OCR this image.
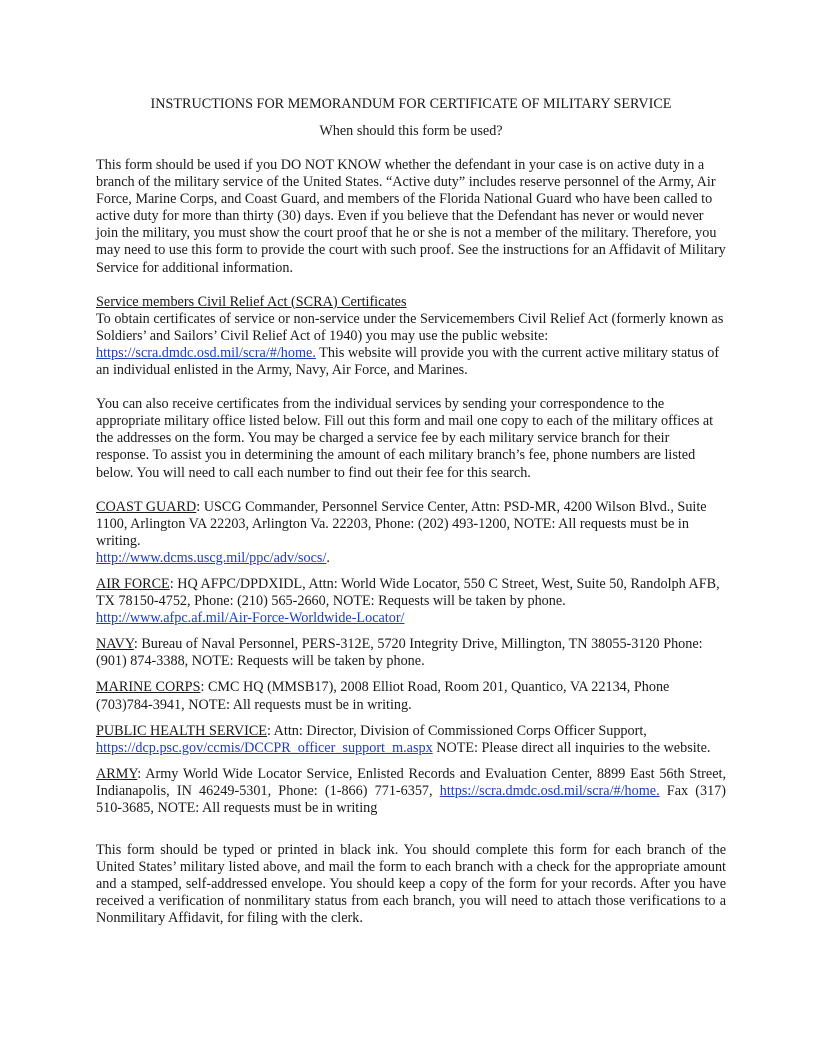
INSTRUCTIONS FOR MEMORANDUM FOR CERTIFICATE OF MILITARY SERVICE

When should this form be used?

This form should be used if you DO NOT KNOW whether the defendant in your case is on active duty in a branch of the military service of the United States. “Active duty” includes reserve personnel of the Army, Air Force, Marine Corps, and Coast Guard, and members of the Florida National Guard who have been called to active duty for more than thirty (30) days. Even if you believe that the Defendant has never or would never join the military, you must show the court proof that he or she is not a member of the military. Therefore, you may need to use this form to provide the court with such proof. See the instructions for an Affidavit of Military Service for additional information.

Service members Civil Relief Act (SCRA) Certificates

To obtain certificates of service or non-service under the Servicemembers Civil Relief Act (formerly known as Soldiers’ and Sailors’ Civil Relief Act of 1940) you may use the public website: https://scra.dmdc.osd.mil/scra/#/home. This website will provide you with the current active military status of an individual enlisted in the Army, Navy, Air Force, and Marines.

You can also receive certificates from the individual services by sending your correspondence to the appropriate military office listed below. Fill out this form and mail one copy to each of the military offices at the addresses on the form. You may be charged a service fee by each military service branch for their response. To assist you in determining the amount of each military branch’s fee, phone numbers are listed below. You will need to call each number to find out their fee for this search.

COAST GUARD: USCG Commander, Personnel Service Center, Attn: PSD-MR, 4200 Wilson Blvd., Suite 1100, Arlington VA 22203, Arlington Va. 22203, Phone: (202) 493-1200, NOTE: All requests must be in writing.

http://www.dcms.uscg.mil/ppc/adv/socs/.

AIR FORCE: HQ AFPC/DPDXIDL, Attn: World Wide Locator, 550 C Street, West, Suite 50, Randolph AFB, TX 78150-4752, Phone: (210) 565-2660, NOTE: Requests will be taken by phone.

http://www.afpc.af.mil/Air-Force-Worldwide-Locator/

NAVY: Bureau of Naval Personnel, PERS-312E, 5720 Integrity Drive, Millington, TN 38055-3120 Phone: (901) 874-3388, NOTE: Requests will be taken by phone.

MARINE CORPS: CMC HQ (MMSB17), 2008 Elliot Road, Room 201, Quantico, VA 22134, Phone (703)784-3941, NOTE: All requests must be in writing.

PUBLIC HEALTH SERVICE: Attn: Director, Division of Commissioned Corps Officer Support,

https://dcp.psc.gov/ccmis/DCCPR_officer_support_m.aspx NOTE: Please direct all inquiries to the website.

ARMY: Army World Wide Locator Service, Enlisted Records and Evaluation Center, 8899 East 56th Street, Indianapolis, IN 46249-5301, Phone: (1-866) 771-6357, https://scra.dmdc.osd.mil/scra/#/home. Fax (317) 510-3685, NOTE: All requests must be in writing

This form should be typed or printed in black ink. You should complete this form for each branch of the United States’ military listed above, and mail the form to each branch with a check for the appropriate amount and a stamped, self-addressed envelope. You should keep a copy of the form for your records. After you have received a verification of nonmilitary status from each branch, you will need to attach those verifications to a Nonmilitary Affidavit, for filing with the clerk.
